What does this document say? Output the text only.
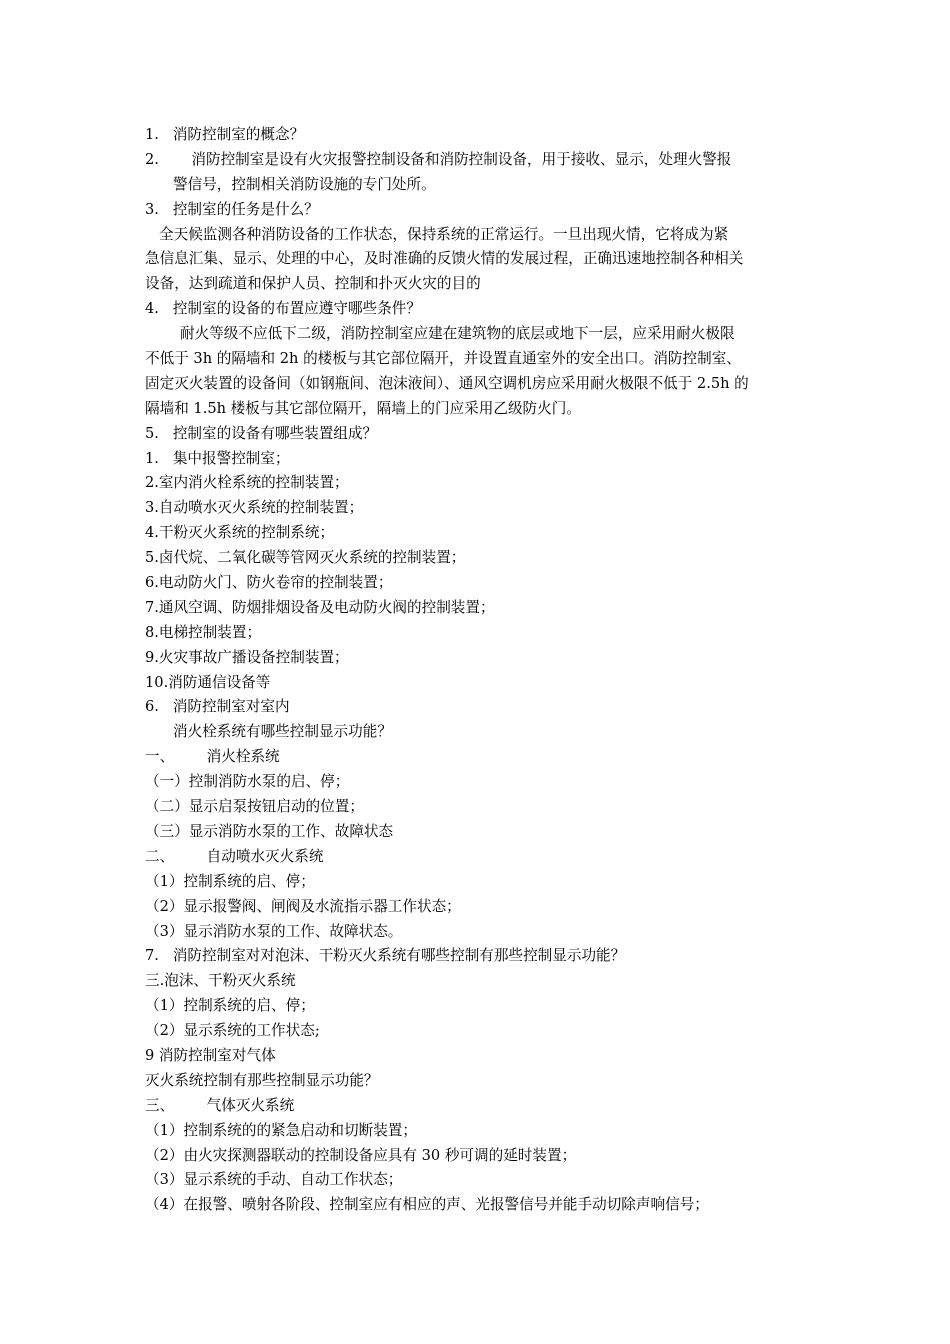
1.   消防控制室的概念？
2.       消防控制室是设有火灾报警控制设备和消防控制设备，用于接收、显示，处理火警报
警信号，控制相关消防设施的专门处所。
3.   控制室的任务是什么？
全天候监测各种消防设备的工作状态，保持系统的正常运行。一旦出现火情，它将成为紧
急信息汇集、显示、处理的中心，及时准确的反馈火情的发展过程，正确迅速地控制各种相关
设备，达到疏道和保护人员、控制和扑灭火灾的目的
4.   控制室的设备的布置应遵守哪些条件？
耐火等级不应低下二级，消防控制室应建在建筑物的底层或地下一层，应采用耐火极限
不低于 3h 的隔墙和 2h 的楼板与其它部位隔开，并设置直通室外的安全出口。消防控制室、
固定灭火装置的设备间（如钢瓶间、泡沫液间）、通风空调机房应采用耐火极限不低于 2.5h 的
隔墙和 1.5h 楼板与其它部位隔开，隔墙上的门应采用乙级防火门。
5.   控制室的设备有哪些装置组成？
1.   集中报警控制室；
2.室内消火栓系统的控制装置；
3.自动喷水灭火系统的控制装置；
4.干粉灭火系统的控制系统；
5.卤代烷、二氧化碳等管网灭火系统的控制装置；
6.电动防火门、防火卷帘的控制装置；
7.通风空调、防烟排烟设备及电动防火阀的控制装置；
8.电梯控制装置；
9.火灾事故广播设备控制装置；
10.消防通信设备等
6.   消防控制室对室内
消火栓系统有哪些控制显示功能？
一、       消火栓系统
（一）控制消防水泵的启、停；
（二）显示启泵按钮启动的位置；
（三）显示消防水泵的工作、故障状态
二、       自动喷水灭火系统
（1）控制系统的启、停；
（2）显示报警阀、闸阀及水流指示器工作状态；
（3）显示消防水泵的工作、故障状态。
7.   消防控制室对对泡沫、干粉灭火系统有哪些控制有那些控制显示功能？
三.泡沫、干粉灭火系统
（1）控制系统的启、停；
（2）显示系统的工作状态;
9 消防控制室对气体
灭火系统控制有那些控制显示功能？
三、       气体灭火系统
（1）控制系统的的紧急启动和切断装置；
（2）由火灾探测器联动的控制设备应具有 30 秒可调的延时装置；
（3）显示系统的手动、自动工作状态；
（4）在报警、喷射各阶段、控制室应有相应的声、光报警信号并能手动切除声响信号；
